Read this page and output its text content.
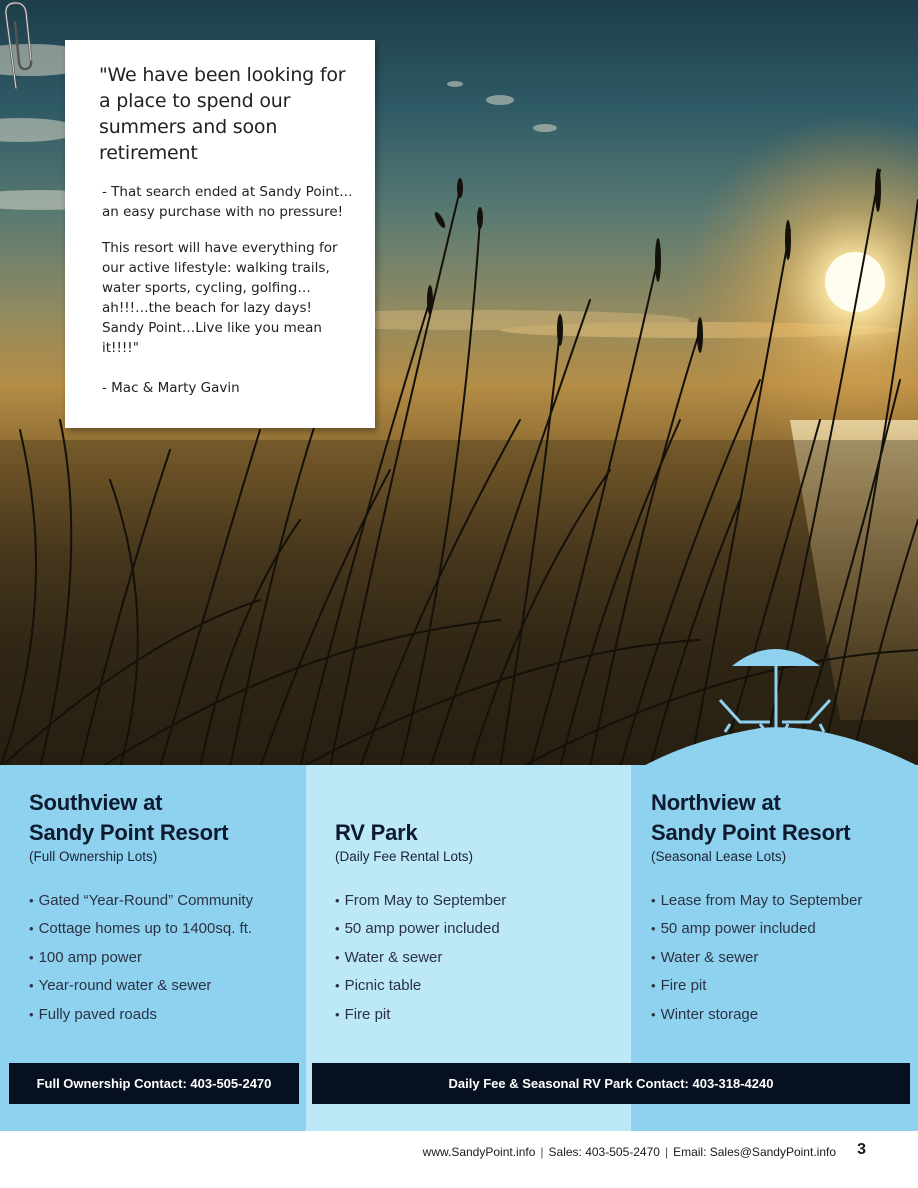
"We have been looking for a place to spend our summers and soon retirement
- That search ended at Sandy Point…an easy purchase with no pressure!
This resort will have everything for our active lifestyle: walking trails, water sports, cycling, golfing…ah!!!…the beach for lazy days! Sandy Point…Live like you mean it!!!!"
- Mac & Marty Gavin
Southview at
Sandy Point Resort
(Full Ownership Lots)
• Gated “Year-Round” Community
• Cottage homes up to 1400sq. ft.
• 100 amp power
• Year-round water & sewer
• Fully paved roads

RV Park
(Daily Fee Rental Lots)
• From May to September
• 50 amp power included
• Water & sewer
• Picnic table
• Fire pit
Northview at
Sandy Point Resort
(Seasonal Lease Lots)
• Lease from May to September
• 50 amp power included
• Water & sewer
• Fire pit
• Winter storage
Full Ownership Contact: 403-505-2470	Daily Fee & Seasonal RV Park Contact: 403-318-4240
www.SandyPoint.info | Sales: 403-505-2470 | Email: Sales@SandyPoint.info 3
